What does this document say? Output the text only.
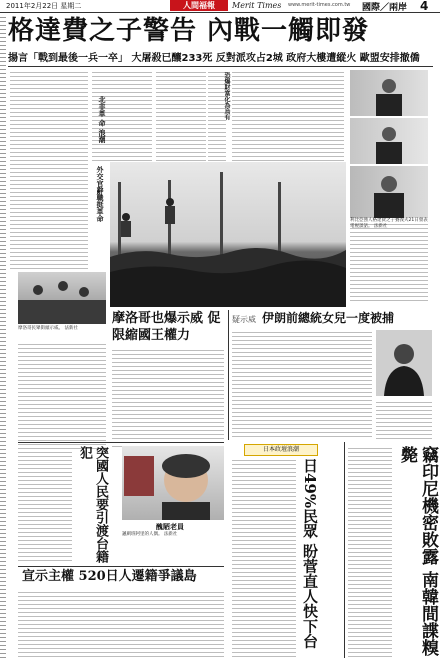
2011年2月22日 星期二	人間福報	Merit Times www.merit-times.com.tw 國際／兩岸 4
格達費之子警告 內戰一觸即發
揚言「戰到最後一兵一卒」 大屠殺已釀233死 反對派攻占2城 政府大樓遭縱火 歐盟安排撤僑
北非革 命 浪潮
外交官辭職挺革命
恐爆財富化為烏有
利比亞強人格達費之子賽義夫21日發表電視談話。 法新社
摩洛哥民眾街頭示威。 法新社
摩洛哥也爆示威 促限縮國王權力
疑示威 伊朗前總統女兒一度被捕
突國人民要引渡台籍犯
醜陋老員
諷刺班阿里的人偶。 法新社
日本政壇浪潮
日49%民眾 盼菅直人快下台	竊印尼機密敗露 南韓間諜糗斃
宣示主權 520日人遷籍爭議島
